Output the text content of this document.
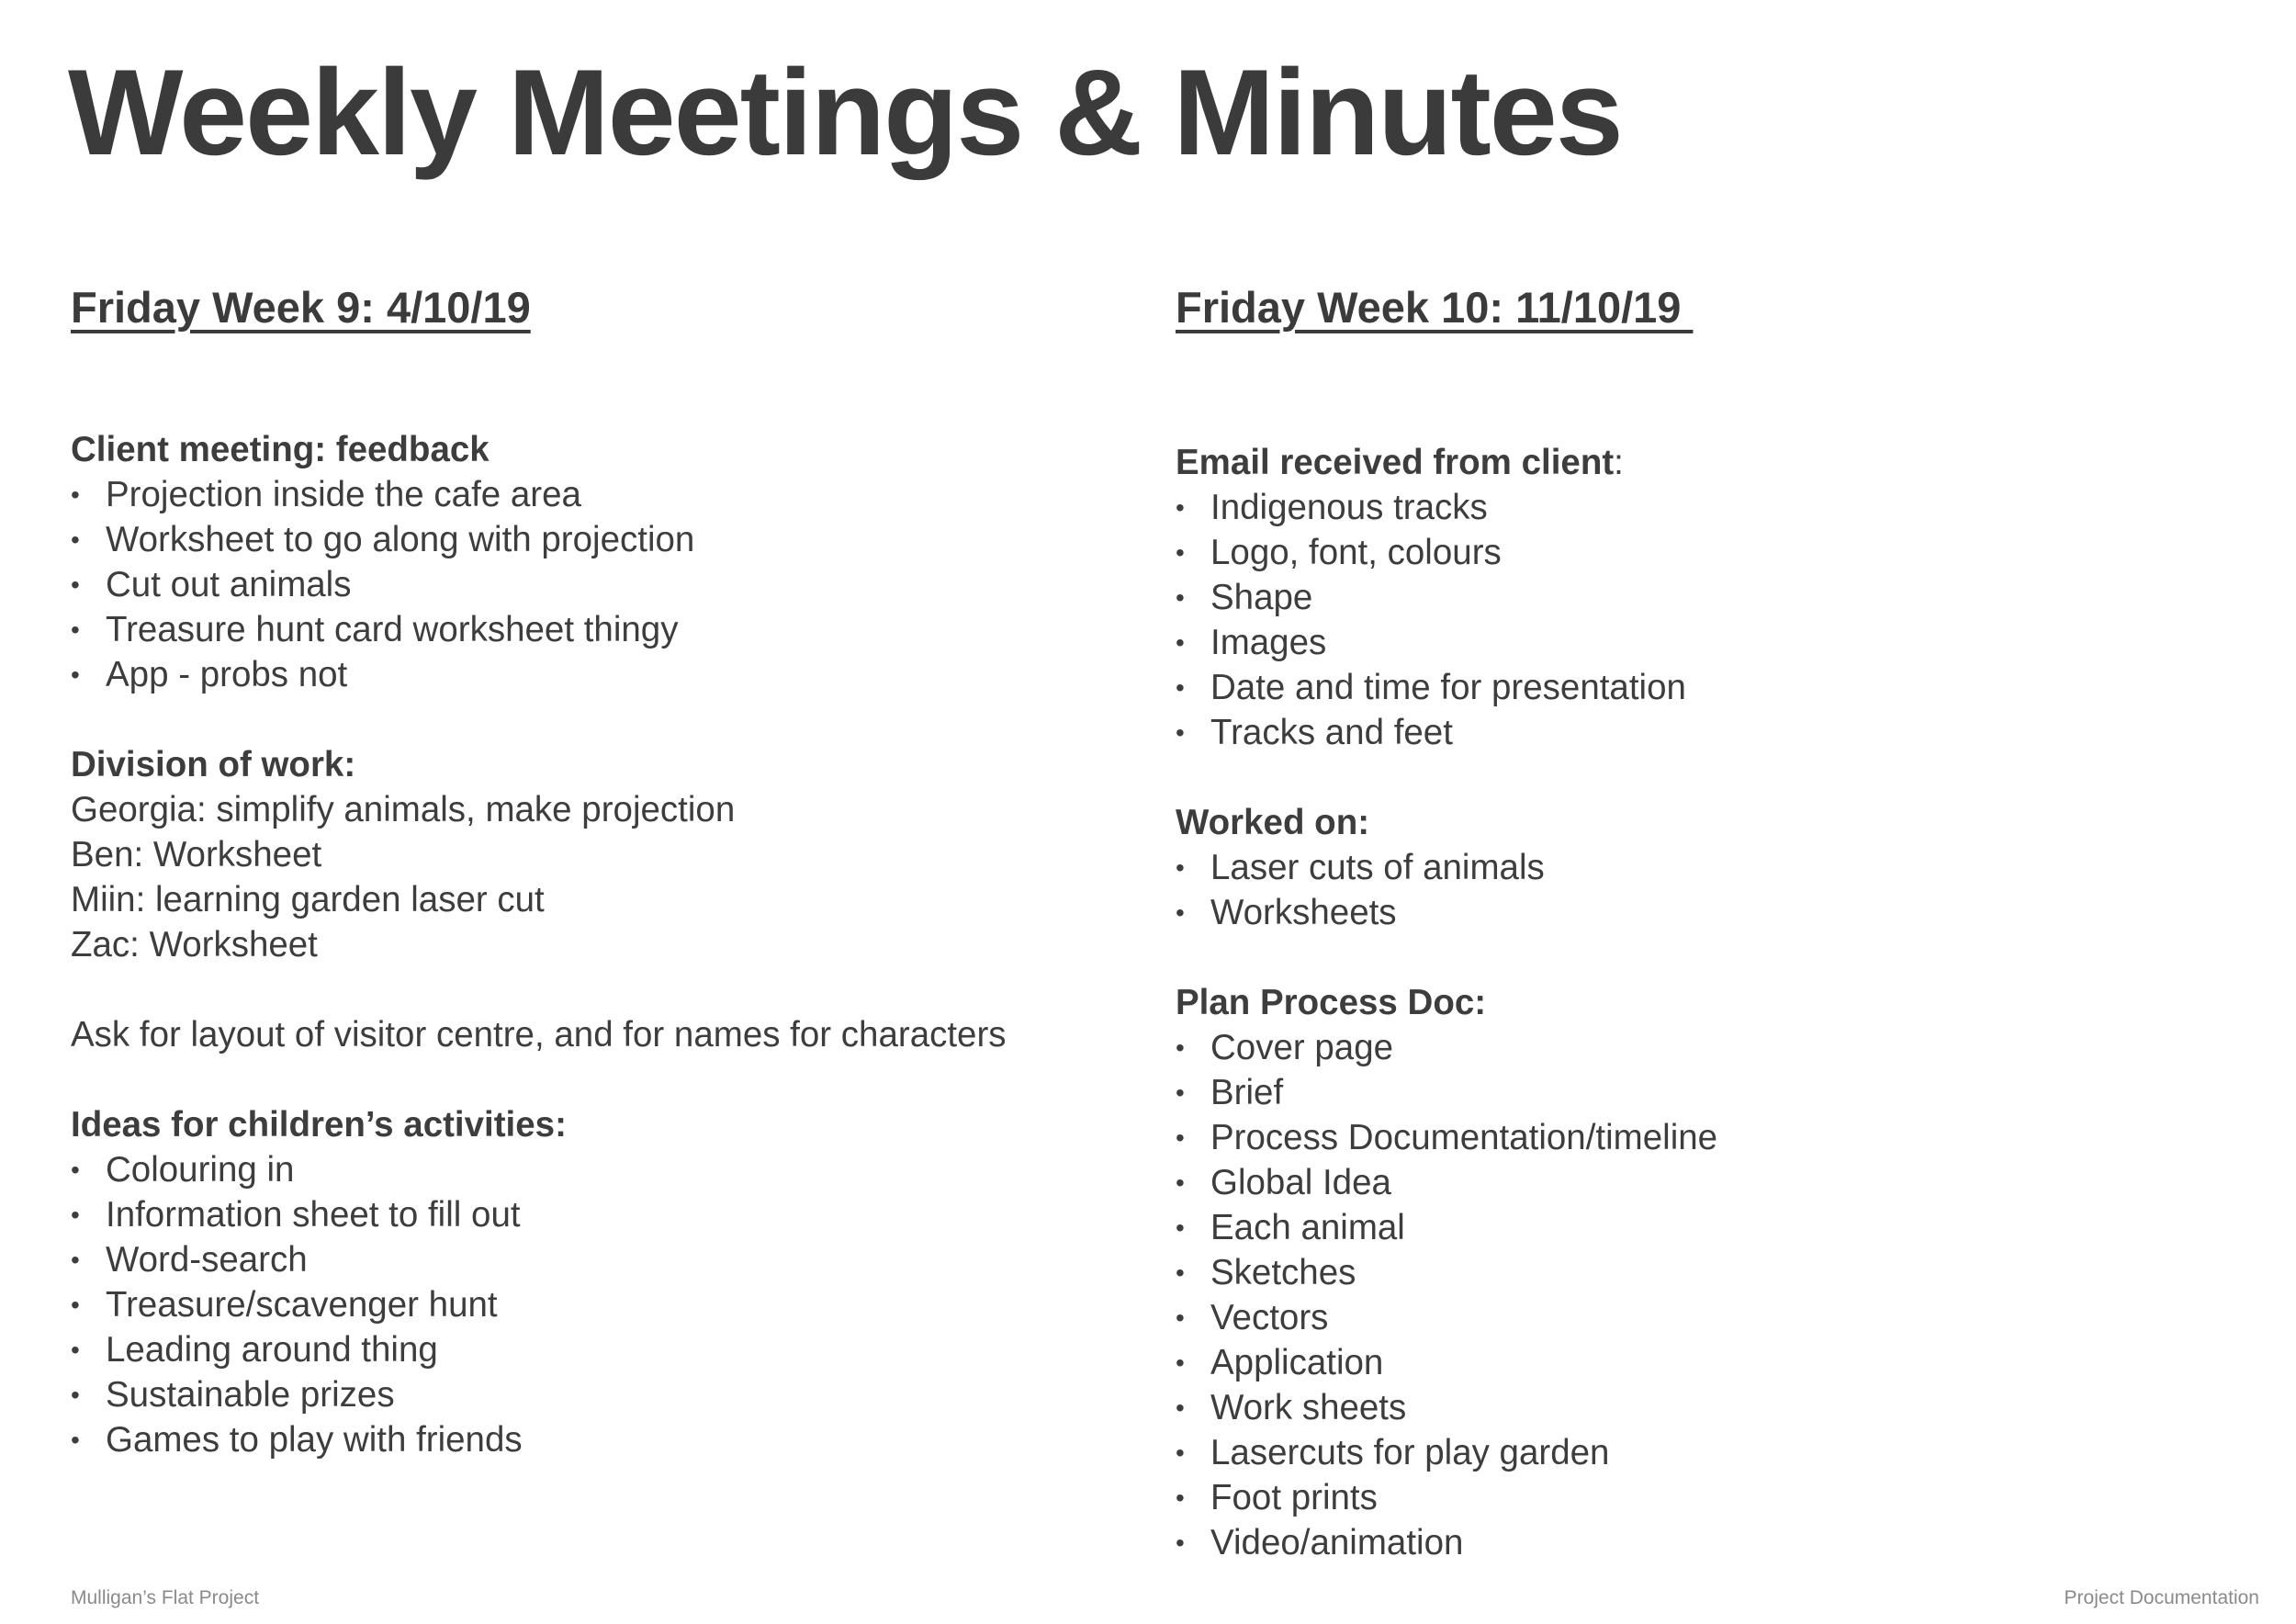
Weekly Meetings & Minutes
Friday Week 9: 4/10/19

Client meeting: feedback

• Projection inside the cafe area
• Worksheet to go along with projection
• Cut out animals
• Treasure hunt card worksheet thingy
• App - probs not

Division of work:

Georgia: simplify animals, make projection

Ben: Worksheet

Miin: learning garden laser cut

Zac: Worksheet

Ask for layout of visitor centre, and for names for characters

Ideas for children’s activities:

• Colouring in
• Information sheet to fill out
• Word-search
• Treasure/scavenger hunt
• Leading around thing
• Sustainable prizes
• Games to play with friends
Friday Week 10: 11/10/19

Email received from client:

• Indigenous tracks
• Logo, font, colours
• Shape
• Images
• Date and time for presentation
• Tracks and feet

Worked on:

• Laser cuts of animals
• Worksheets

Plan Process Doc:

• Cover page
• Brief
• Process Documentation/timeline
• Global Idea
• Each animal
• Sketches
• Vectors
• Application
• Work sheets
• Lasercuts for play garden
• Foot prints
• Video/animation
Mulligan’s Flat Project	Project Documentation
